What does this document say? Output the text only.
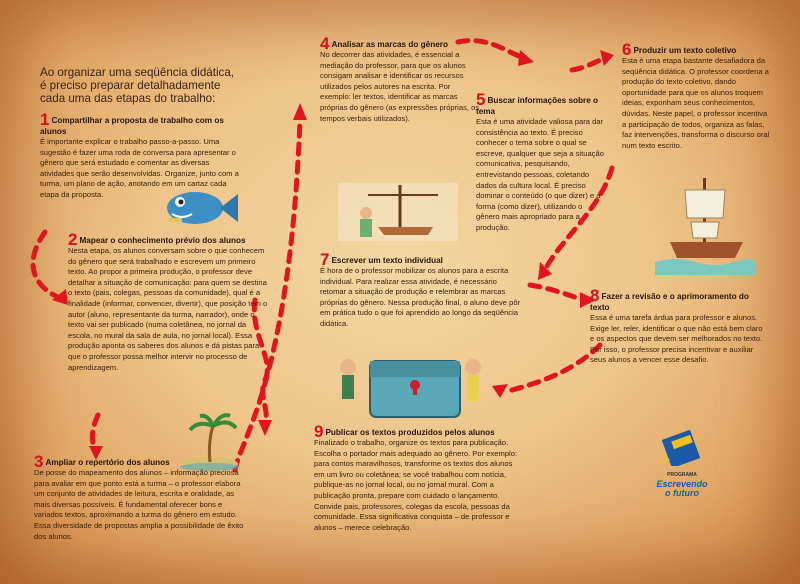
Ao organizar uma seqüência didática, é preciso preparar detalhadamente cada uma das etapas do trabalho:
1 Compartilhar a proposta de trabalho com os alunos

É importante explicar o trabalho passo-a-passo. Uma sugestão é fazer uma roda de conversa para apresentar o gênero que será estudado e comentar as diversas atividades que serão desenvolvidas. Organize, junto com a turma, um plano de ação, anotando em um cartaz cada etapa da proposta.

2 Mapear o conhecimento prévio dos alunos

Nesta etapa, os alunos conversam sobre o que conhecem do gênero que será trabalhado e escrevem um primeiro texto. Ao propor a primeira produção, o professor deve detalhar a situação de comunicação: para quem se destina o texto (pais, colegas, pessoas da comunidade), qual é a finalidade (informar, convencer, divertir), que posição tem o autor (aluno, representante da turma, narrador), onde o texto vai ser publicado (numa coletânea, no jornal da escola, no mural da sala de aula, no jornal local). Essa produção aponta os saberes dos alunos e dá pistas para que o professor possa melhor intervir no processo de aprendizagem.

3 Ampliar o repertório dos alunos

De posse do mapeamento dos alunos – informação preciosa para avaliar em que ponto está a turma – o professor elabora um conjunto de atividades de leitura, escrita e oralidade, as mais diversas possíveis. É fundamental oferecer bons e variados textos, aproximando a turma do gênero em estudo. Essa diversidade de propostas amplia a possibilidade de êxito dos alunos.

4 Analisar as marcas do gênero

No decorrer das atividades, é essencial a mediação do professor, para que os alunos consigam analisar e identificar os recursos utilizados pelos autores na escrita. Por exemplo: ler textos, identificar as marcas próprias do gênero (as expressões próprias, os tempos verbais utilizados).

5 Buscar informações sobre o tema

Esta é uma atividade valiosa para dar consistência ao texto. É preciso conhecer o tema sobre o qual se escreve, qualquer que seja a situação comunicativa, pesquisando, entrevistando pessoas, coletando dados da cultura local. É preciso dominar o conteúdo (o que dizer) e a forma (como dizer), utilizando o gênero mais apropriado para a produção.

6 Produzir um texto coletivo

Esta é uma etapa bastante desafiadora da seqüência didática. O professor coordena a produção do texto coletivo, dando oportunidade para que os alunos troquem ideias, exponham seus conhecimentos, dúvidas. Neste papel, o professor incentiva a participação de todos, organiza as falas, faz intervenções, transforma o discurso oral num texto escrito.

7 Escrever um texto individual

É hora de o professor mobilizar os alunos para a escrita individual. Para realizar essa atividade, é necessário retomar a situação de produção e relembrar as marcas próprias do gênero. Nessa produção final, o aluno deve pôr em prática tudo o que foi aprendido ao longo da seqüência didática.

8 Fazer a revisão e o aprimoramento do texto

Essa é uma tarefa árdua para professor e alunos. Exige ler, reler, identificar o que não está bem claro e os aspectos que devem ser melhorados no texto. Por isso, o professor precisa incentivar e auxiliar seus alunos a vencer esse desafio.

9 Publicar os textos produzidos pelos alunos

Finalizado o trabalho, organize os textos para publicação. Escolha o portador mais adequado ao gênero. Por exemplo: para contos maravilhosos, transforme os textos dos alunos em um livro ou coletânea; se você trabalhou com notícia, publique-as no jornal local, ou no jornal mural. Com a publicação pronta, prepare com cuidado o lançamento. Convide pais, professores, colegas da escola, pessoas da comunidade. Essa significativa conquista – de professor e alunos – merece celebração.

PROGRAMA
Escrevendo
o futuro
